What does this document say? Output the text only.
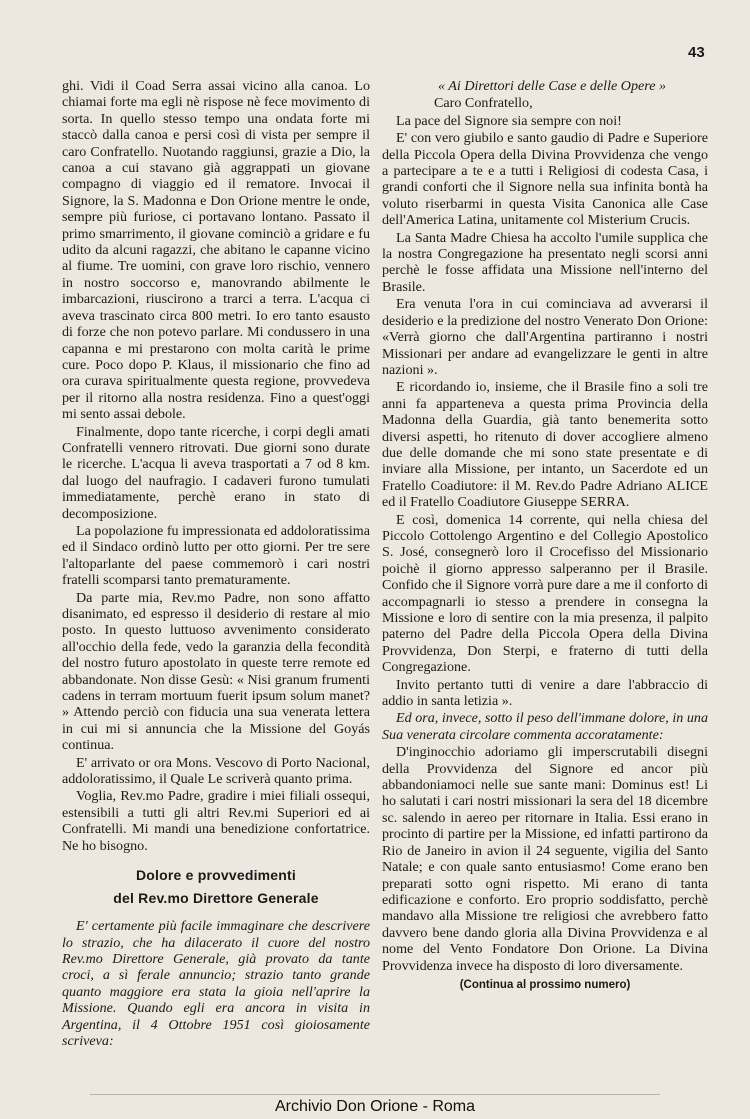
43

ghi. Vidi il Coad Serra assai vicino alla canoa. Lo chiamai forte ma egli nè rispose nè fece movimento di sorta. In quello stesso tempo una ondata forte mi staccò dalla canoa e persi così di vista per sempre il caro Confratello. Nuotando raggiunsi, grazie a Dio, la canoa a cui stavano già aggrappati un giovane compagno di viaggio ed il rematore. Invocai il Signore, la S. Madonna e Don Orione mentre le onde, sempre più furiose, ci portavano lontano. Passato il primo smarrimento, il giovane cominciò a gridare e fu udito da alcuni ragazzi, che abitano le capanne vicino al fiume. Tre uomini, con grave loro rischio, vennero in nostro soccorso e, manovrando abilmente le imbarcazioni, riuscirono a trarci a terra. L'acqua ci aveva trascinato circa 800 metri. Io ero tanto esausto di forze che non potevo parlare. Mi condussero in una capanna e mi prestarono con molta carità le prime cure. Poco dopo P. Klaus, il missionario che fino ad ora curava spiritualmente questa regione, provvedeva per il ritorno alla nostra residenza. Fino a quest'oggi mi sento assai debole.

Finalmente, dopo tante ricerche, i corpi degli amati Confratelli vennero ritrovati. Due giorni sono durate le ricerche. L'acqua li aveva trasportati a 7 od 8 km. dal luogo del naufragio. I cadaveri furono tumulati immediatamente, perchè erano in stato di decomposizione.

La popolazione fu impressionata ed addoloratissima ed il Sindaco ordinò lutto per otto giorni. Per tre sere l'altoparlante del paese commemorò i cari nostri fratelli scomparsi tanto prematuramente.

Da parte mia, Rev.mo Padre, non sono affatto disanimato, ed espresso il desiderio di restare al mio posto. In questo luttuoso avvenimento considerato all'occhio della fede, vedo la garanzia della fecondità del nostro futuro apostolato in queste terre remote ed abbandonate. Non disse Gesù: « Nisi granum frumenti cadens in terram mortuum fuerit ipsum solum manet? » Attendo perciò con fiducia una sua venerata lettera in cui mi si annuncia che la Missione del Goyás continua.

E' arrivato or ora Mons. Vescovo di Porto Nacional, addoloratissimo, il Quale Le scriverà quanto prima.

Voglia, Rev.mo Padre, gradire i miei filiali ossequi, estensibili a tutti gli altri Rev.mi Superiori ed ai Confratelli. Mi mandi una benedizione confortatrice. Ne ho bisogno.

Dolore e provvedimenti
del Rev.mo Direttore Generale

E' certamente più facile immaginare che descrivere lo strazio, che ha dilacerato il cuore del nostro Rev.mo Direttore Generale, già provato da tante croci, a sì ferale annuncio; strazio tanto grande quanto maggiore era stata la gioia nell'aprire la Missione. Quando egli era ancora in visita in Argentina, il 4 Ottobre 1951 così gioiosamente scriveva:

« Ai Direttori delle Case e delle Opere »

Caro Confratello,

La pace del Signore sia sempre con noi!

E' con vero giubilo e santo gaudio di Padre e Superiore della Piccola Opera della Divina Provvidenza che vengo a partecipare a te e a tutti i Religiosi di codesta Casa, i grandi conforti che il Signore nella sua infinita bontà ha voluto riserbarmi in questa Visita Canonica alle Case dell'America Latina, unitamente col Misterium Crucis.

La Santa Madre Chiesa ha accolto l'umile supplica che la nostra Congregazione ha presentato negli scorsi anni perchè le fosse affidata una Missione nell'interno del Brasile.

Era venuta l'ora in cui cominciava ad avverarsi il desiderio e la predizione del nostro Venerato Don Orione: «Verrà giorno che dall'Argentina partiranno i nostri Missionari per andare ad evangelizzare le genti in altre nazioni ».

E ricordando io, insieme, che il Brasile fino a soli tre anni fa apparteneva a questa prima Provincia della Madonna della Guardia, già tanto benemerita sotto diversi aspetti, ho ritenuto di dover accogliere almeno due delle domande che mi sono state presentate e di inviare alla Missione, per intanto, un Sacerdote ed un Fratello Coadiutore: il M. Rev.do Padre Adriano ALICE ed il Fratello Coadiutore Giuseppe SERRA.

E così, domenica 14 corrente, qui nella chiesa del Piccolo Cottolengo Argentino e del Collegio Apostolico S. José, consegnerò loro il Crocefisso del Missionario poichè il giorno appresso salperanno per il Brasile. Confido che il Signore vorrà pure dare a me il conforto di accompagnarli io stesso a prendere in consegna la Missione e loro di sentire con la mia presenza, il palpito paterno del Padre della Piccola Opera della Divina Provvidenza, Don Sterpi, e fraterno di tutti della Congregazione.

Invito pertanto tutti di venire a dare l'abbraccio di addio in santa letizia ».

Ed ora, invece, sotto il peso dell'immane dolore, in una Sua venerata circolare commenta accoratamente:

D'inginocchio adoriamo gli imperscrutabili disegni della Provvidenza del Signore ed ancor più abbandoniamoci nelle sue sante mani: Dominus est! Li ho salutati i cari nostri missionari la sera del 18 dicembre sc. salendo in aereo per ritornare in Italia. Essi erano in procinto di partire per la Missione, ed infatti partirono da Rio de Janeiro in avion il 24 seguente, vigilia del Santo Natale; e con quale santo entusiasmo! Come erano ben preparati sotto ogni rispetto. Mi erano di tanta edificazione e conforto. Ero proprio soddisfatto, perchè mandavo alla Missione tre religiosi che avrebbero fatto davvero bene dando gloria alla Divina Provvidenza e al nome del Vento Fondatore Don Orione. La Divina Provvidenza invece ha disposto di loro diversamente.

(Continua al prossimo numero)
Archivio Don Orione - Roma
